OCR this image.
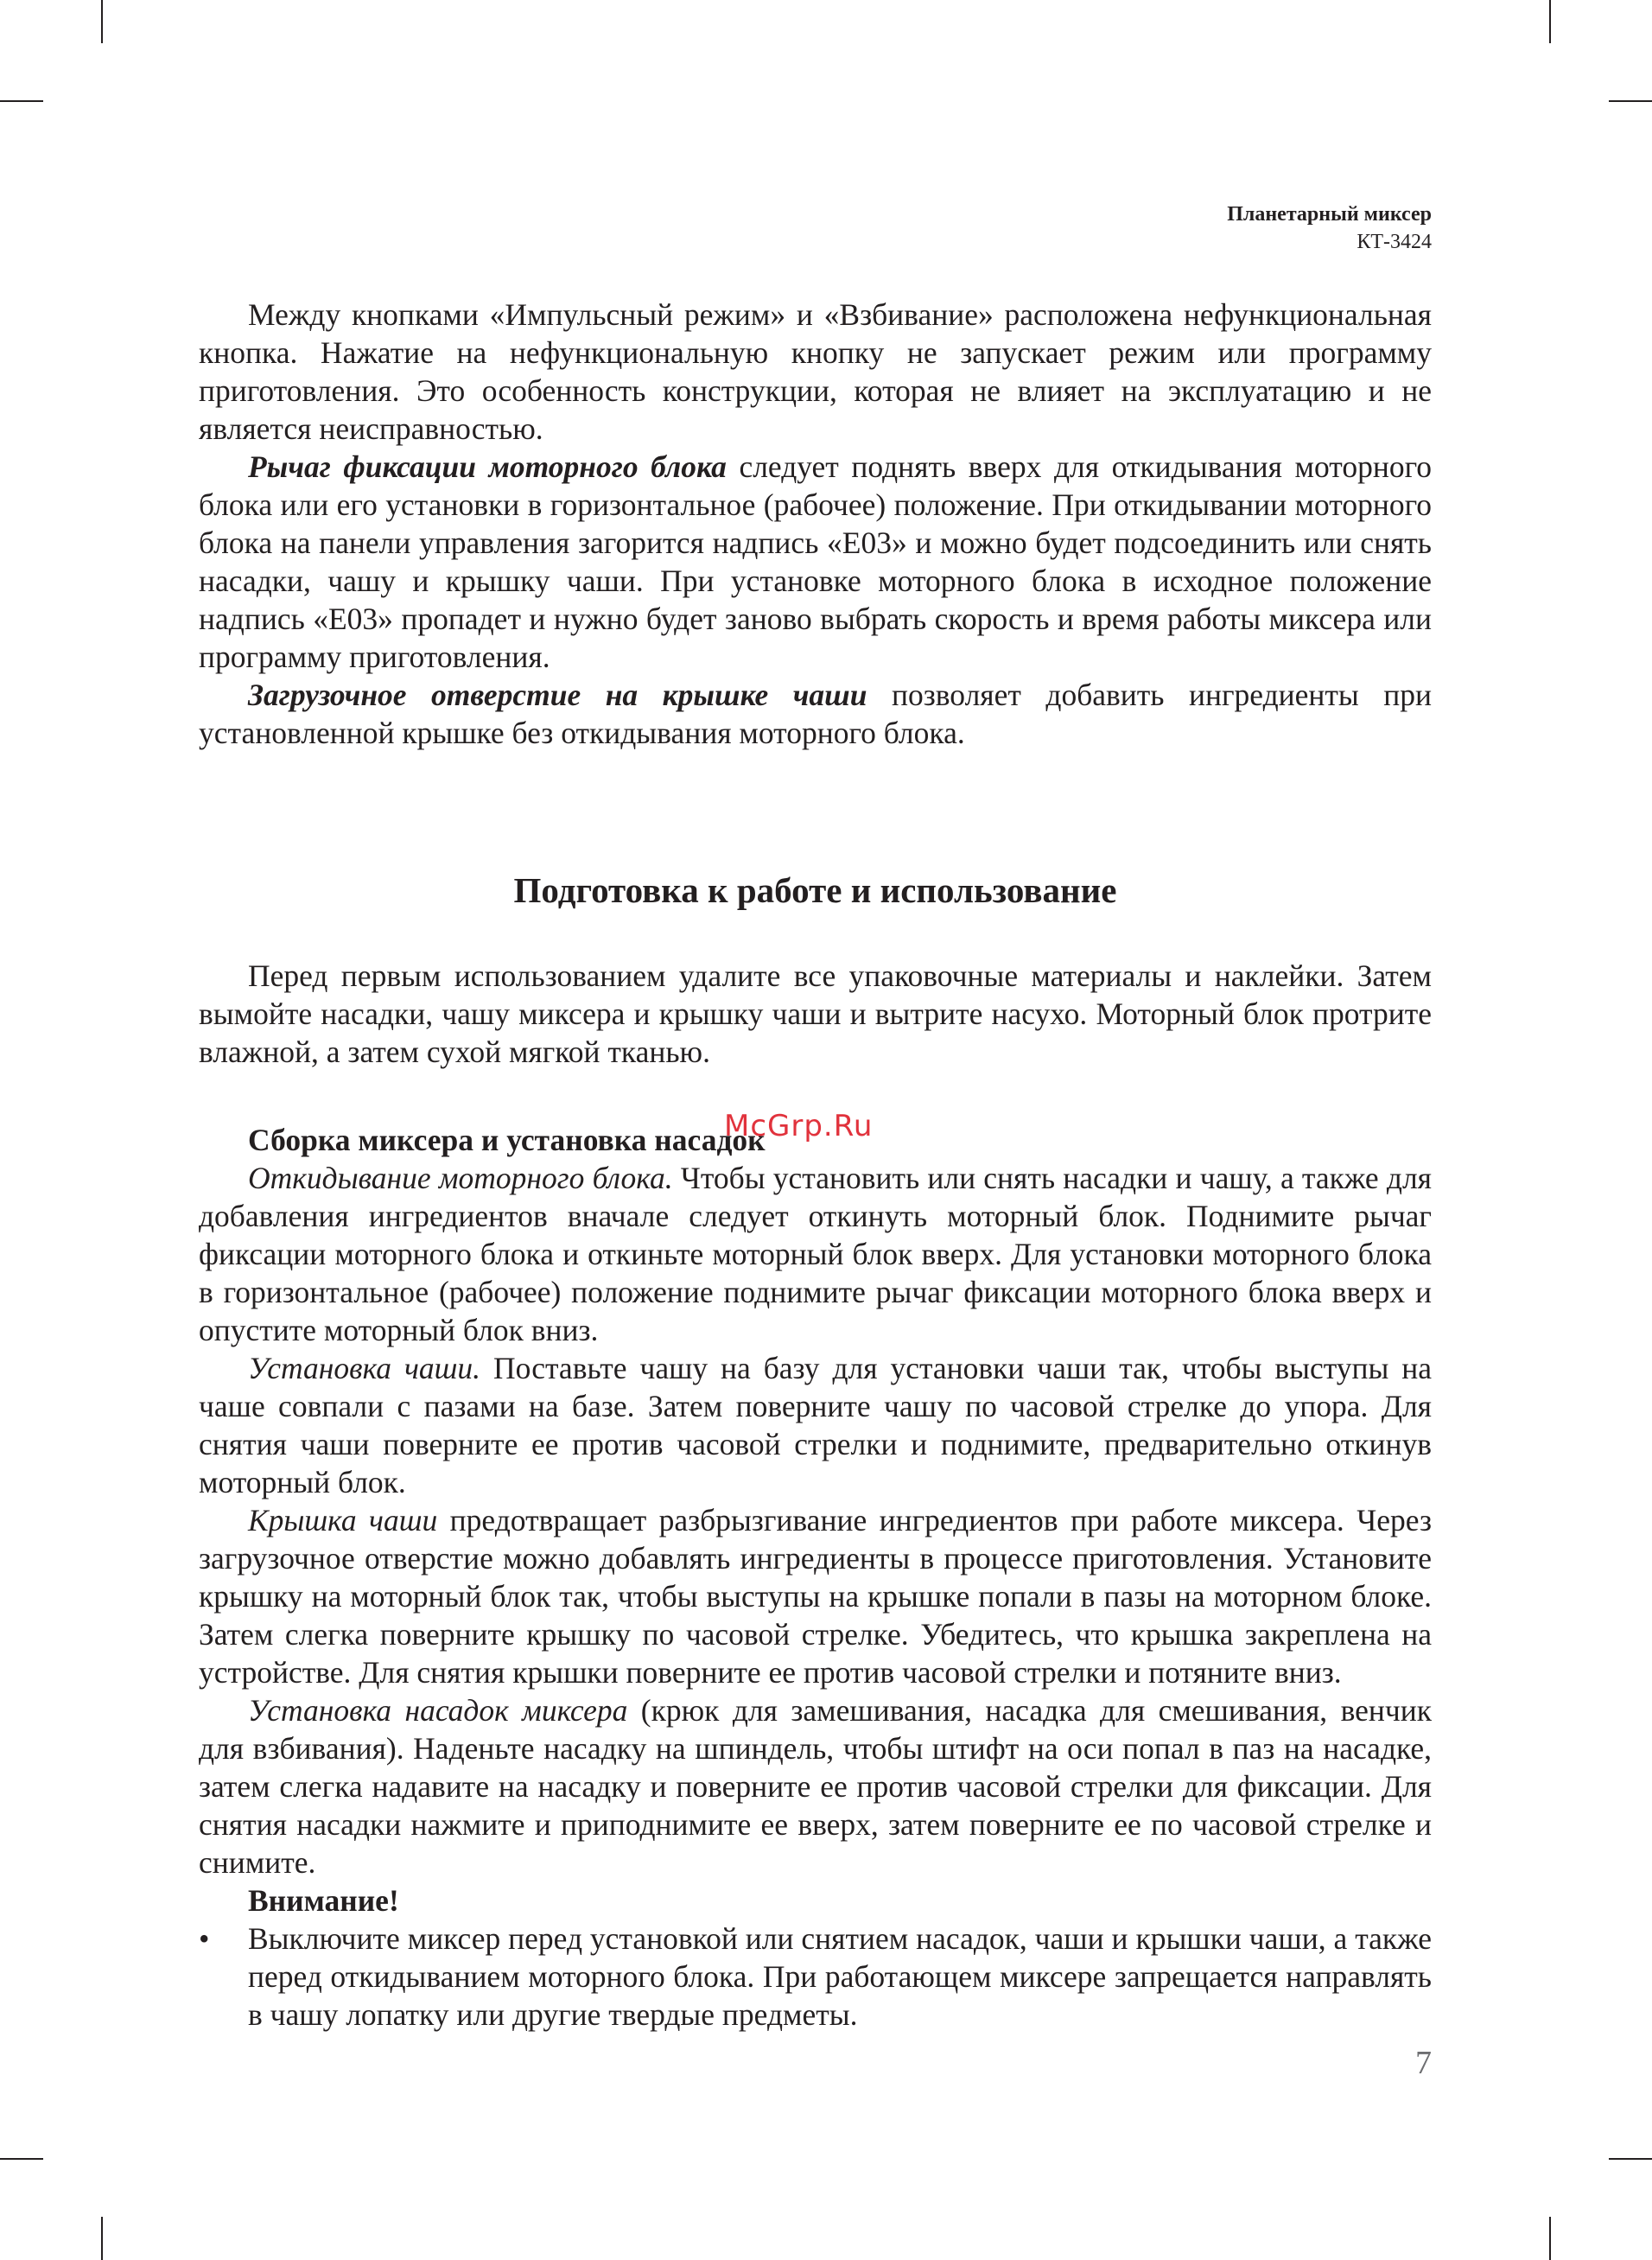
Планетарный миксер
КТ-3424
McGrp.Ru

Между кнопками «Импульсный режим» и «Взбивание» расположена нефункциональная кнопка. Нажатие на нефункциональную кнопку не запускает режим или программу приготовления. Это особенность конструкции, которая не влияет на эксплуатацию и не является неисправностью.

Рычаг фиксации моторного блока следует поднять вверх для откидывания моторного блока или его установки в горизонтальное (рабочее) положение. При откидывании моторного блока на панели управления загорится надпись «E03» и можно будет подсоединить или снять насадки, чашу и крышку чаши. При установке моторного блока в исходное положение надпись «E03» пропадет и нужно будет заново выбрать скорость и время работы миксера или программу приготовления.

Загрузочное отверстие на крышке чаши позволяет добавить ингредиенты при установленной крышке без откидывания моторного блока.

Подготовка к работе и использование

Перед первым использованием удалите все упаковочные материалы и наклейки. Затем вымойте насадки, чашу миксера и крышку чаши и вытрите насухо. Моторный блок протрите влажной, а затем сухой мягкой тканью.

Сборка миксера и установка насадок

Откидывание моторного блока. Чтобы установить или снять насадки и чашу, а также для добавления ингредиентов вначале следует откинуть моторный блок. Поднимите рычаг фиксации моторного блока и откиньте моторный блок вверх. Для установки моторного блока в горизонтальное (рабочее) положение поднимите рычаг фиксации моторного блока вверх и опустите моторный блок вниз.

Установка чаши. Поставьте чашу на базу для установки чаши так, чтобы выступы на чаше совпали с пазами на базе. Затем поверните чашу по часовой стрелке до упора. Для снятия чаши поверните ее против часовой стрелки и поднимите, предварительно откинув моторный блок.

Крышка чаши предотвращает разбрызгивание ингредиентов при работе миксера. Через загрузочное отверстие можно добавлять ингредиенты в процессе приготовления. Установите крышку на моторный блок так, чтобы выступы на крышке попали в пазы на моторном блоке. Затем слегка поверните крышку по часовой стрелке. Убедитесь, что крышка закреплена на устройстве. Для снятия крышки поверните ее против часовой стрелки и потяните вниз.

Установка насадок миксера (крюк для замешивания, насадка для смешивания, венчик для взбивания). Наденьте насадку на шпиндель, чтобы штифт на оси попал в паз на насадке, затем слегка надавите на насадку и поверните ее против часовой стрелки для фиксации. Для снятия насадки нажмите и приподнимите ее вверх, затем поверните ее по часовой стрелке и снимите.

Внимание!

• Выключите миксер перед установкой или снятием насадок, чаши и крышки чаши, а также перед откидыванием моторного блока. При работающем миксере запрещается направлять в чашу лопатку или другие твердые предметы.

7
